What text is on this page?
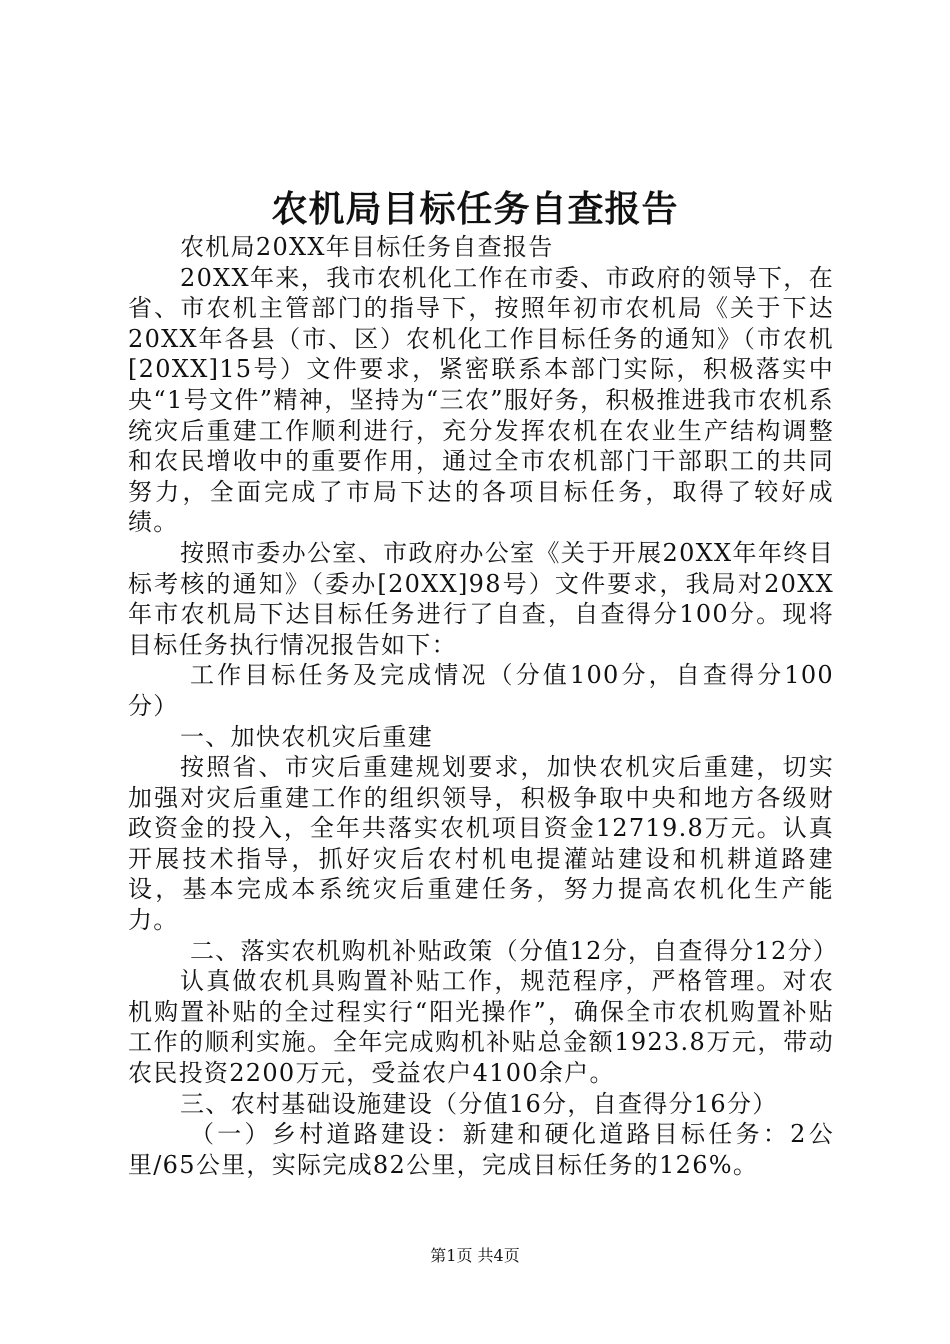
农机局目标任务自查报告

农机局20XX年目标任务自查报告

20XX年来，我市农机化工作在市委、市政府的领导下，在省、市农机主管部门的指导下，按照年初市农机局《关于下达20XX年各县（市、区）农机化工作目标任务的通知》（市农机[20XX]15号）文件要求，紧密联系本部门实际，积极落实中央“1号文件”精神，坚持为“三农”服好务，积极推进我市农机系统灾后重建工作顺利进行，充分发挥农机在农业生产结构调整和农民增收中的重要作用，通过全市农机部门干部职工的共同努力，全面完成了市局下达的各项目标任务，取得了较好成绩。

按照市委办公室、市政府办公室《关于开展20XX年年终目标考核的通知》（委办[20XX]98号）文件要求，我局对20XX年市农机局下达目标任务进行了自查，自查得分100分。现将目标任务执行情况报告如下：

工作目标任务及完成情况（分值100分，自查得分100分）

一、加快农机灾后重建

按照省、市灾后重建规划要求，加快农机灾后重建，切实加强对灾后重建工作的组织领导，积极争取中央和地方各级财政资金的投入，全年共落实农机项目资金12719.8万元。认真开展技术指导，抓好灾后农村机电提灌站建设和机耕道路建设，基本完成本系统灾后重建任务，努力提高农机化生产能力。

二、落实农机购机补贴政策（分值12分，自查得分12分）

认真做农机具购置补贴工作，规范程序，严格管理。对农机购置补贴的全过程实行“阳光操作”，确保全市农机购置补贴工作的顺利实施。全年完成购机补贴总金额1923.8万元，带动农民投资2200万元，受益农户4100余户。

三、农村基础设施建设（分值16分，自查得分16分）

（一）乡村道路建设：新建和硬化道路目标任务：2公里/65公里，实际完成82公里，完成目标任务的126%。

第1页 共4页
